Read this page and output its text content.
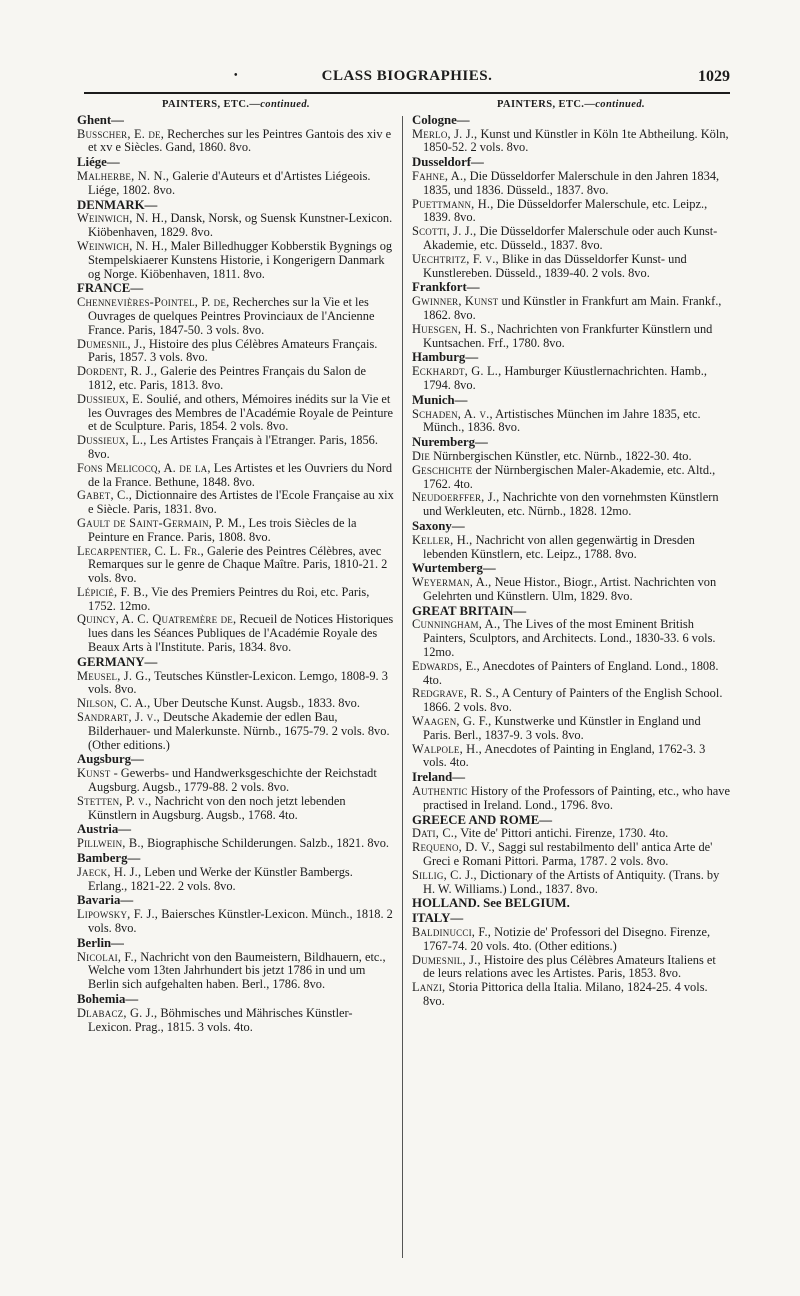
• CLASS BIOGRAPHIES.	1029
PAINTERS, ETC.—continued.
Ghent—
Busscher, E. de, Recherches sur les Peintres Gantois des xiv e et xv e Siècles. Gand, 1860. 8vo.
Liége—
Malherbe, N. N., Galerie d'Auteurs et d'Artistes Liégeois. Liége, 1802. 8vo.
DENMARK—
Weinwich, N. H., Dansk, Norsk, og Suensk Kunstner-Lexicon. Kiöbenhaven, 1829. 8vo.
Weinwich, N. H., Maler Billedhugger Kobberstik Bygnings og Stempelskiaerer Kunstens Historie, i Kongerigern Danmark og Norge. Kiöbenhaven, 1811. 8vo.
FRANCE—
Chennevières-Pointel, P. de, Recherches sur la Vie et les Ouvrages de quelques Peintres Provinciaux de l'Ancienne France. Paris, 1847-50. 3 vols. 8vo.
Dumesnil, J., Histoire des plus Célèbres Amateurs Français. Paris, 1857. 3 vols. 8vo.
Dordent, R. J., Galerie des Peintres Français du Salon de 1812, etc. Paris, 1813. 8vo.
Dussieux, E. Soulié, and others, Mémoires inédits sur la Vie et les Ouvrages des Membres de l'Académie Royale de Peinture et de Sculpture. Paris, 1854. 2 vols. 8vo.
Dussieux, L., Les Artistes Français à l'Etranger. Paris, 1856. 8vo.
Fons Melicocq, A. de la, Les Artistes et les Ouvriers du Nord de la France. Bethune, 1848. 8vo.
Gabet, C., Dictionnaire des Artistes de l'Ecole Française au xix e Siècle. Paris, 1831. 8vo.
Gault de Saint-Germain, P. M., Les trois Siècles de la Peinture en France. Paris, 1808. 8vo.
Lecarpentier, C. L. Fr., Galerie des Peintres Célèbres, avec Remarques sur le genre de Chaque Maître. Paris, 1810-21. 2 vols. 8vo.
Lépicié, F. B., Vie des Premiers Peintres du Roi, etc. Paris, 1752. 12mo.
Quincy, A. C. Quatremère de, Recueil de Notices Historiques lues dans les Séances Publiques de l'Académie Royale des Beaux Arts à l'Institute. Paris, 1834. 8vo.
GERMANY—
Meusel, J. G., Teutsches Künstler-Lexicon. Lemgo, 1808-9. 3 vols. 8vo.
Nilson, C. A., Uber Deutsche Kunst. Augsb., 1833. 8vo.
Sandrart, J. v., Deutsche Akademie der edlen Bau, Bilderhauer- und Malerkunste. Nürnb., 1675-79. 2 vols. 8vo. (Other editions.)
Augsburg—
Kunst - Gewerbs- und Handwerksgeschichte der Reichstadt Augsburg. Augsb., 1779-88. 2 vols. 8vo.
Stetten, P. v., Nachricht von den noch jetzt lebenden Künstlern in Augsburg. Augsb., 1768. 4to.
Austria—
Pillwein, B., Biographische Schilderungen. Salzb., 1821. 8vo.
Bamberg—
Jaeck, H. J., Leben und Werke der Künstler Bambergs. Erlang., 1821-22. 2 vols. 8vo.
Bavaria—
Lipowsky, F. J., Baiersches Künstler-Lexicon. Münch., 1818. 2 vols. 8vo.
Berlin—
Nicolai, F., Nachricht von den Baumeistern, Bildhauern, etc., Welche vom 13ten Jahrhundert bis jetzt 1786 in und um Berlin sich aufgehalten haben. Berl., 1786. 8vo.
Bohemia—
Dlabacz, G. J., Böhmisches und Mährisches Künstler-Lexicon. Prag., 1815. 3 vols. 4to.
PAINTERS, ETC.—continued.
Cologne—
Merlo, J. J., Kunst und Künstler in Köln 1te Abtheilung. Köln, 1850-52. 2 vols. 8vo.
Dusseldorf—
Fahne, A., Die Düsseldorfer Malerschule in den Jahren 1834, 1835, und 1836. Düsseld., 1837. 8vo.
Puettmann, H., Die Düsseldorfer Malerschule, etc. Leipz., 1839. 8vo.
Scotti, J. J., Die Düsseldorfer Malerschule oder auch Kunst-Akademie, etc. Düsseld., 1837. 8vo.
Uechtritz, F. v., Blike in das Düsseldorfer Kunst- und Kunstlereben. Düsseld., 1839-40. 2 vols. 8vo.
Frankfort—
Gwinner, Kunst und Künstler in Frankfurt am Main. Frankf., 1862. 8vo.
Huesgen, H. S., Nachrichten von Frankfurter Künstlern und Kuntsachen. Frf., 1780. 8vo.
Hamburg—
Eckhardt, G. L., Hamburger Küustlernachrichten. Hamb., 1794. 8vo.
Munich—
Schaden, A. v., Artistisches München im Jahre 1835, etc. Münch., 1836. 8vo.
Nuremberg—
Die Nürnbergischen Künstler, etc. Nürnb., 1822-30. 4to.
Geschichte der Nürnbergischen Maler-Akademie, etc. Altd., 1762. 4to.
Neudoerffer, J., Nachrichte von den vornehmsten Künstlern und Werkleuten, etc. Nürnb., 1828. 12mo.
Saxony—
Keller, H., Nachricht von allen gegenwärtig in Dresden lebenden Künstlern, etc. Leipz., 1788. 8vo.
Wurtemberg—
Weyerman, A., Neue Histor., Biogr., Artist. Nachrichten von Gelehrten und Künstlern. Ulm, 1829. 8vo.
GREAT BRITAIN—
Cunningham, A., The Lives of the most Eminent British Painters, Sculptors, and Architects. Lond., 1830-33. 6 vols. 12mo.
Edwards, E., Anecdotes of Painters of England. Lond., 1808. 4to.
Redgrave, R. S., A Century of Painters of the English School. 1866. 2 vols. 8vo.
Waagen, G. F., Kunstwerke und Künstler in England und Paris. Berl., 1837-9. 3 vols. 8vo.
Walpole, H., Anecdotes of Painting in England, 1762-3. 3 vols. 4to.
Ireland—
Authentic History of the Professors of Painting, etc., who have practised in Ireland. Lond., 1796. 8vo.
GREECE AND ROME—
Dati, C., Vite de' Pittori antichi. Firenze, 1730. 4to.
Requeno, D. V., Saggi sul restabilmento dell' antica Arte de' Greci e Romani Pittori. Parma, 1787. 2 vols. 8vo.
Sillig, C. J., Dictionary of the Artists of Antiquity. (Trans. by H. W. Williams.) Lond., 1837. 8vo.
HOLLAND. See BELGIUM.
ITALY—
Baldinucci, F., Notizie de' Professori del Disegno. Firenze, 1767-74. 20 vols. 4to. (Other editions.)
Dumesnil, J., Histoire des plus Célèbres Amateurs Italiens et de leurs relations avec les Artistes. Paris, 1853. 8vo.
Lanzi, Storia Pittorica della Italia. Milano, 1824-25. 4 vols. 8vo.
